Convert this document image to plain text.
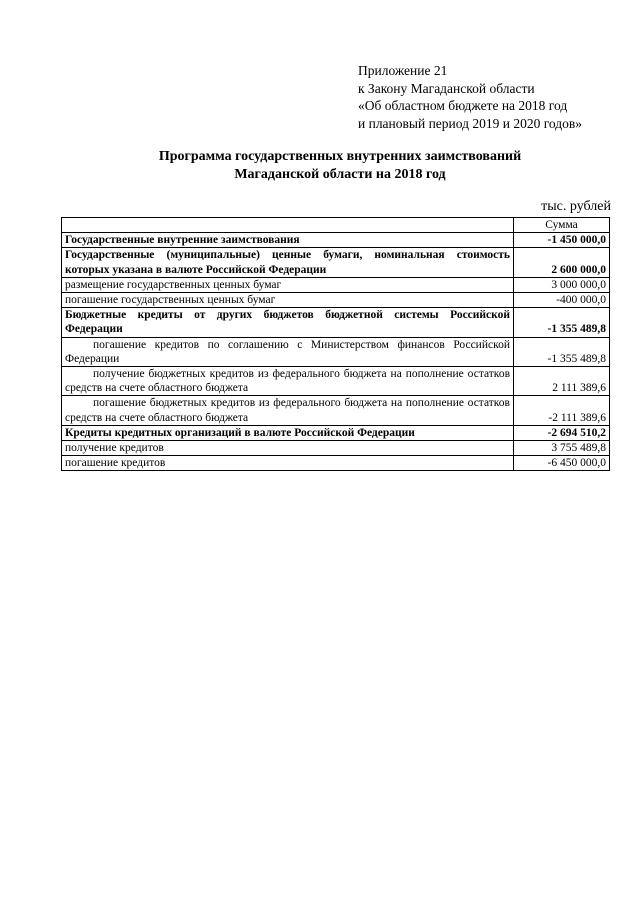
Приложение 21
к Закону Магаданской области
«Об областном бюджете на 2018 год
и плановый период 2019 и 2020 годов»
Программа государственных внутренних заимствований
Магаданской области на 2018 год
тыс. рублей
	Сумма
Государственные внутренние заимствования	-1 450 000,0
Государственные (муниципальные) ценные бумаги, номинальная стоимость которых указана в валюте Российской Федерации	2 600 000,0
размещение государственных ценных бумаг	3 000 000,0
погашение государственных ценных бумаг	-400 000,0
Бюджетные кредиты от других бюджетов бюджетной системы Российской Федерации	-1 355 489,8
погашение кредитов по соглашению с Министерством финансов Российской Федерации	-1 355 489,8
получение бюджетных кредитов из федерального бюджета на пополнение остатков средств на счете областного бюджета	2 111 389,6
погашение бюджетных кредитов из федерального бюджета на пополнение остатков средств на счете областного бюджета	-2 111 389,6
Кредиты кредитных организаций в валюте Российской Федерации	-2 694 510,2
получение кредитов	3 755 489,8
погашение кредитов	-6 450 000,0
